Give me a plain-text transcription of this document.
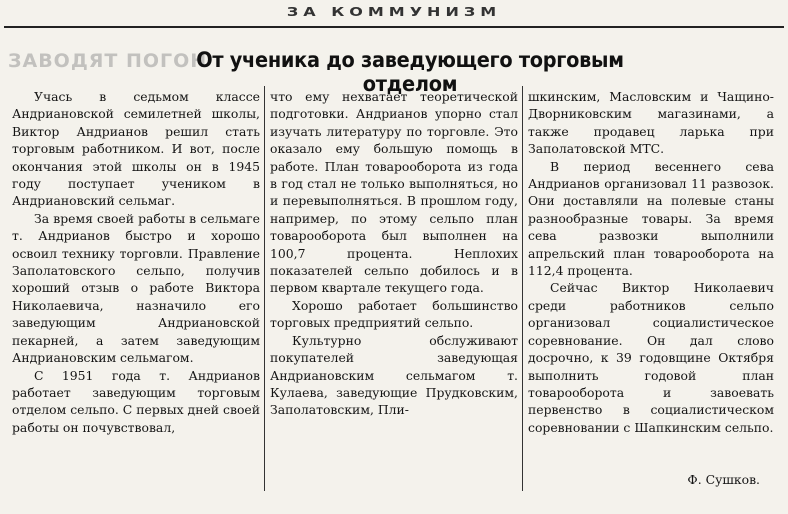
ЗА КОММУНИЗМ
ЗАВОДЯТ ПОГОН
От ученика до заведующего торговым отделом

Учась в седьмом классе Андриановской семилетней школы, Виктор Андрианов решил стать торговым работником. И вот, после окончания этой школы он в 1945 году поступает учеником в Андриановский сельмаг.

За время своей работы в сельмаге т. Андрианов быстро и хорошо освоил технику торговли. Правление Заполатовского сельпо, получив хороший отзыв о работе Виктора Николаевича, назначило его заведующим Андриановской пекарней, а затем заведующим Андриановским сельмагом.

С 1951 года т. Андрианов работает заведующим торговым отделом сельпо. С первых дней своей работы он почувствовал,

что ему нехватает теоретической подготовки. Андрианов упорно стал изучать литературу по торговле. Это оказало ему большую помощь в работе. План товарооборота из года в год стал не только выполняться, но и перевыполняться. В прошлом году, например, по этому сельпо план товарооборота был выполнен на 100,7 процента. Неплохих показателей сельпо добилось и в первом квартале текущего года.

Хорошо работает большинство торговых предприятий сельпо.

Культурно обслуживают покупателей заведующая Андриановским сельмагом т. Кулаева, заведующие Прудковским, Заполатовским, Пли-

шкинским, Масловским и Чащино-Дворниковским магазинами, а также продавец ларька при Заполатовской МТС.

В период весеннего сева Андрианов организовал 11 развозок. Они доставляли на полевые станы разнообразные товары. За время сева развозки выполнили апрельский план товарооборота на 112,4 процента.

Сейчас Виктор Николаевич среди работников сельпо организовал социалистическое соревнование. Он дал слово досрочно, к 39 годовщине Октября выполнить годовой план товарооборота и завоевать первенство в социалистическом соревновании с Шапкинским сельпо.

Ф. Сушков.
